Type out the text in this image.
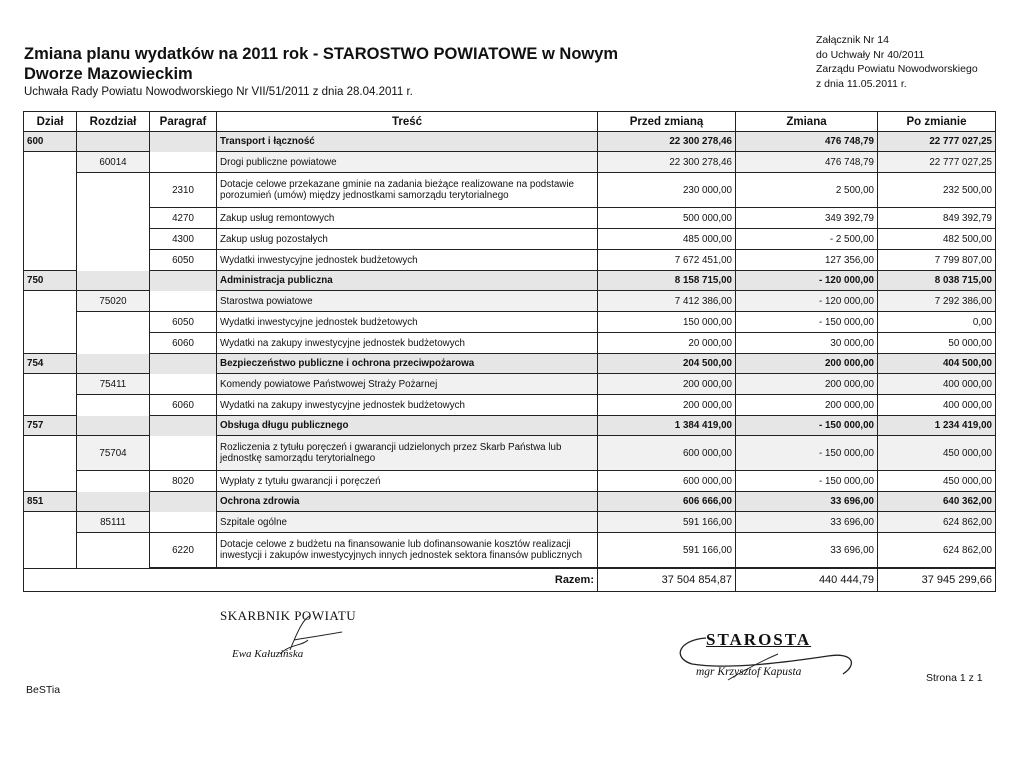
Zmiana planu wydatków na 2011 rok - STAROSTWO POWIATOWE w Nowym Dworze Mazowieckim
Uchwała Rady Powiatu Nowodworskiego Nr VII/51/2011 z dnia 28.04.2011 r.
Załącznik Nr 14
do Uchwały Nr 40/2011
Zarządu Powiatu Nowodworskiego
z dnia 11.05.2011 r.
Dział	Rozdział	Paragraf	Treść	Przed zmianą	Zmiana	Po zmianie
600			Transport i łączność	22 300 278,46	476 748,79	22 777 027,25
	60014		Drogi publiczne powiatowe	22 300 278,46	476 748,79	22 777 027,25
		2310	Dotacje celowe przekazane gminie na zadania bieżące realizowane na podstawie porozumień (umów) między jednostkami samorządu terytorialnego	230 000,00	2 500,00	232 500,00
		4270	Zakup usług remontowych	500 000,00	349 392,79	849 392,79
		4300	Zakup usług pozostałych	485 000,00	- 2 500,00	482 500,00
		6050	Wydatki inwestycyjne jednostek budżetowych	7 672 451,00	127 356,00	7 799 807,00
750			Administracja publiczna	8 158 715,00	- 120 000,00	8 038 715,00
	75020		Starostwa powiatowe	7 412 386,00	- 120 000,00	7 292 386,00
		6050	Wydatki inwestycyjne jednostek budżetowych	150 000,00	- 150 000,00	0,00
		6060	Wydatki na zakupy inwestycyjne jednostek budżetowych	20 000,00	30 000,00	50 000,00
754			Bezpieczeństwo publiczne i ochrona przeciwpożarowa	204 500,00	200 000,00	404 500,00
	75411		Komendy powiatowe Państwowej Straży Pożarnej	200 000,00	200 000,00	400 000,00
		6060	Wydatki na zakupy inwestycyjne jednostek budżetowych	200 000,00	200 000,00	400 000,00
757			Obsługa długu publicznego	1 384 419,00	- 150 000,00	1 234 419,00
	75704		Rozliczenia z tytułu poręczeń i gwarancji udzielonych przez Skarb Państwa lub jednostkę samorządu terytorialnego	600 000,00	- 150 000,00	450 000,00
		8020	Wypłaty z tytułu gwarancji i poręczeń	600 000,00	- 150 000,00	450 000,00
851			Ochrona zdrowia	606 666,00	33 696,00	640 362,00
	85111		Szpitale ogólne	591 166,00	33 696,00	624 862,00
		6220	Dotacje celowe z budżetu na finansowanie lub dofinansowanie kosztów realizacji inwestycji i zakupów inwestycyjnych innych jednostek sektora finansów publicznych	591 166,00	33 696,00	624 862,00
Razem:	37 504 854,87	440 444,79	37 945 299,66
SKARBNIK POWIATU
Ewa Kałuzińska
STAROSTA
mgr Krzysztof Kapusta
BeSTia
Strona 1 z 1
